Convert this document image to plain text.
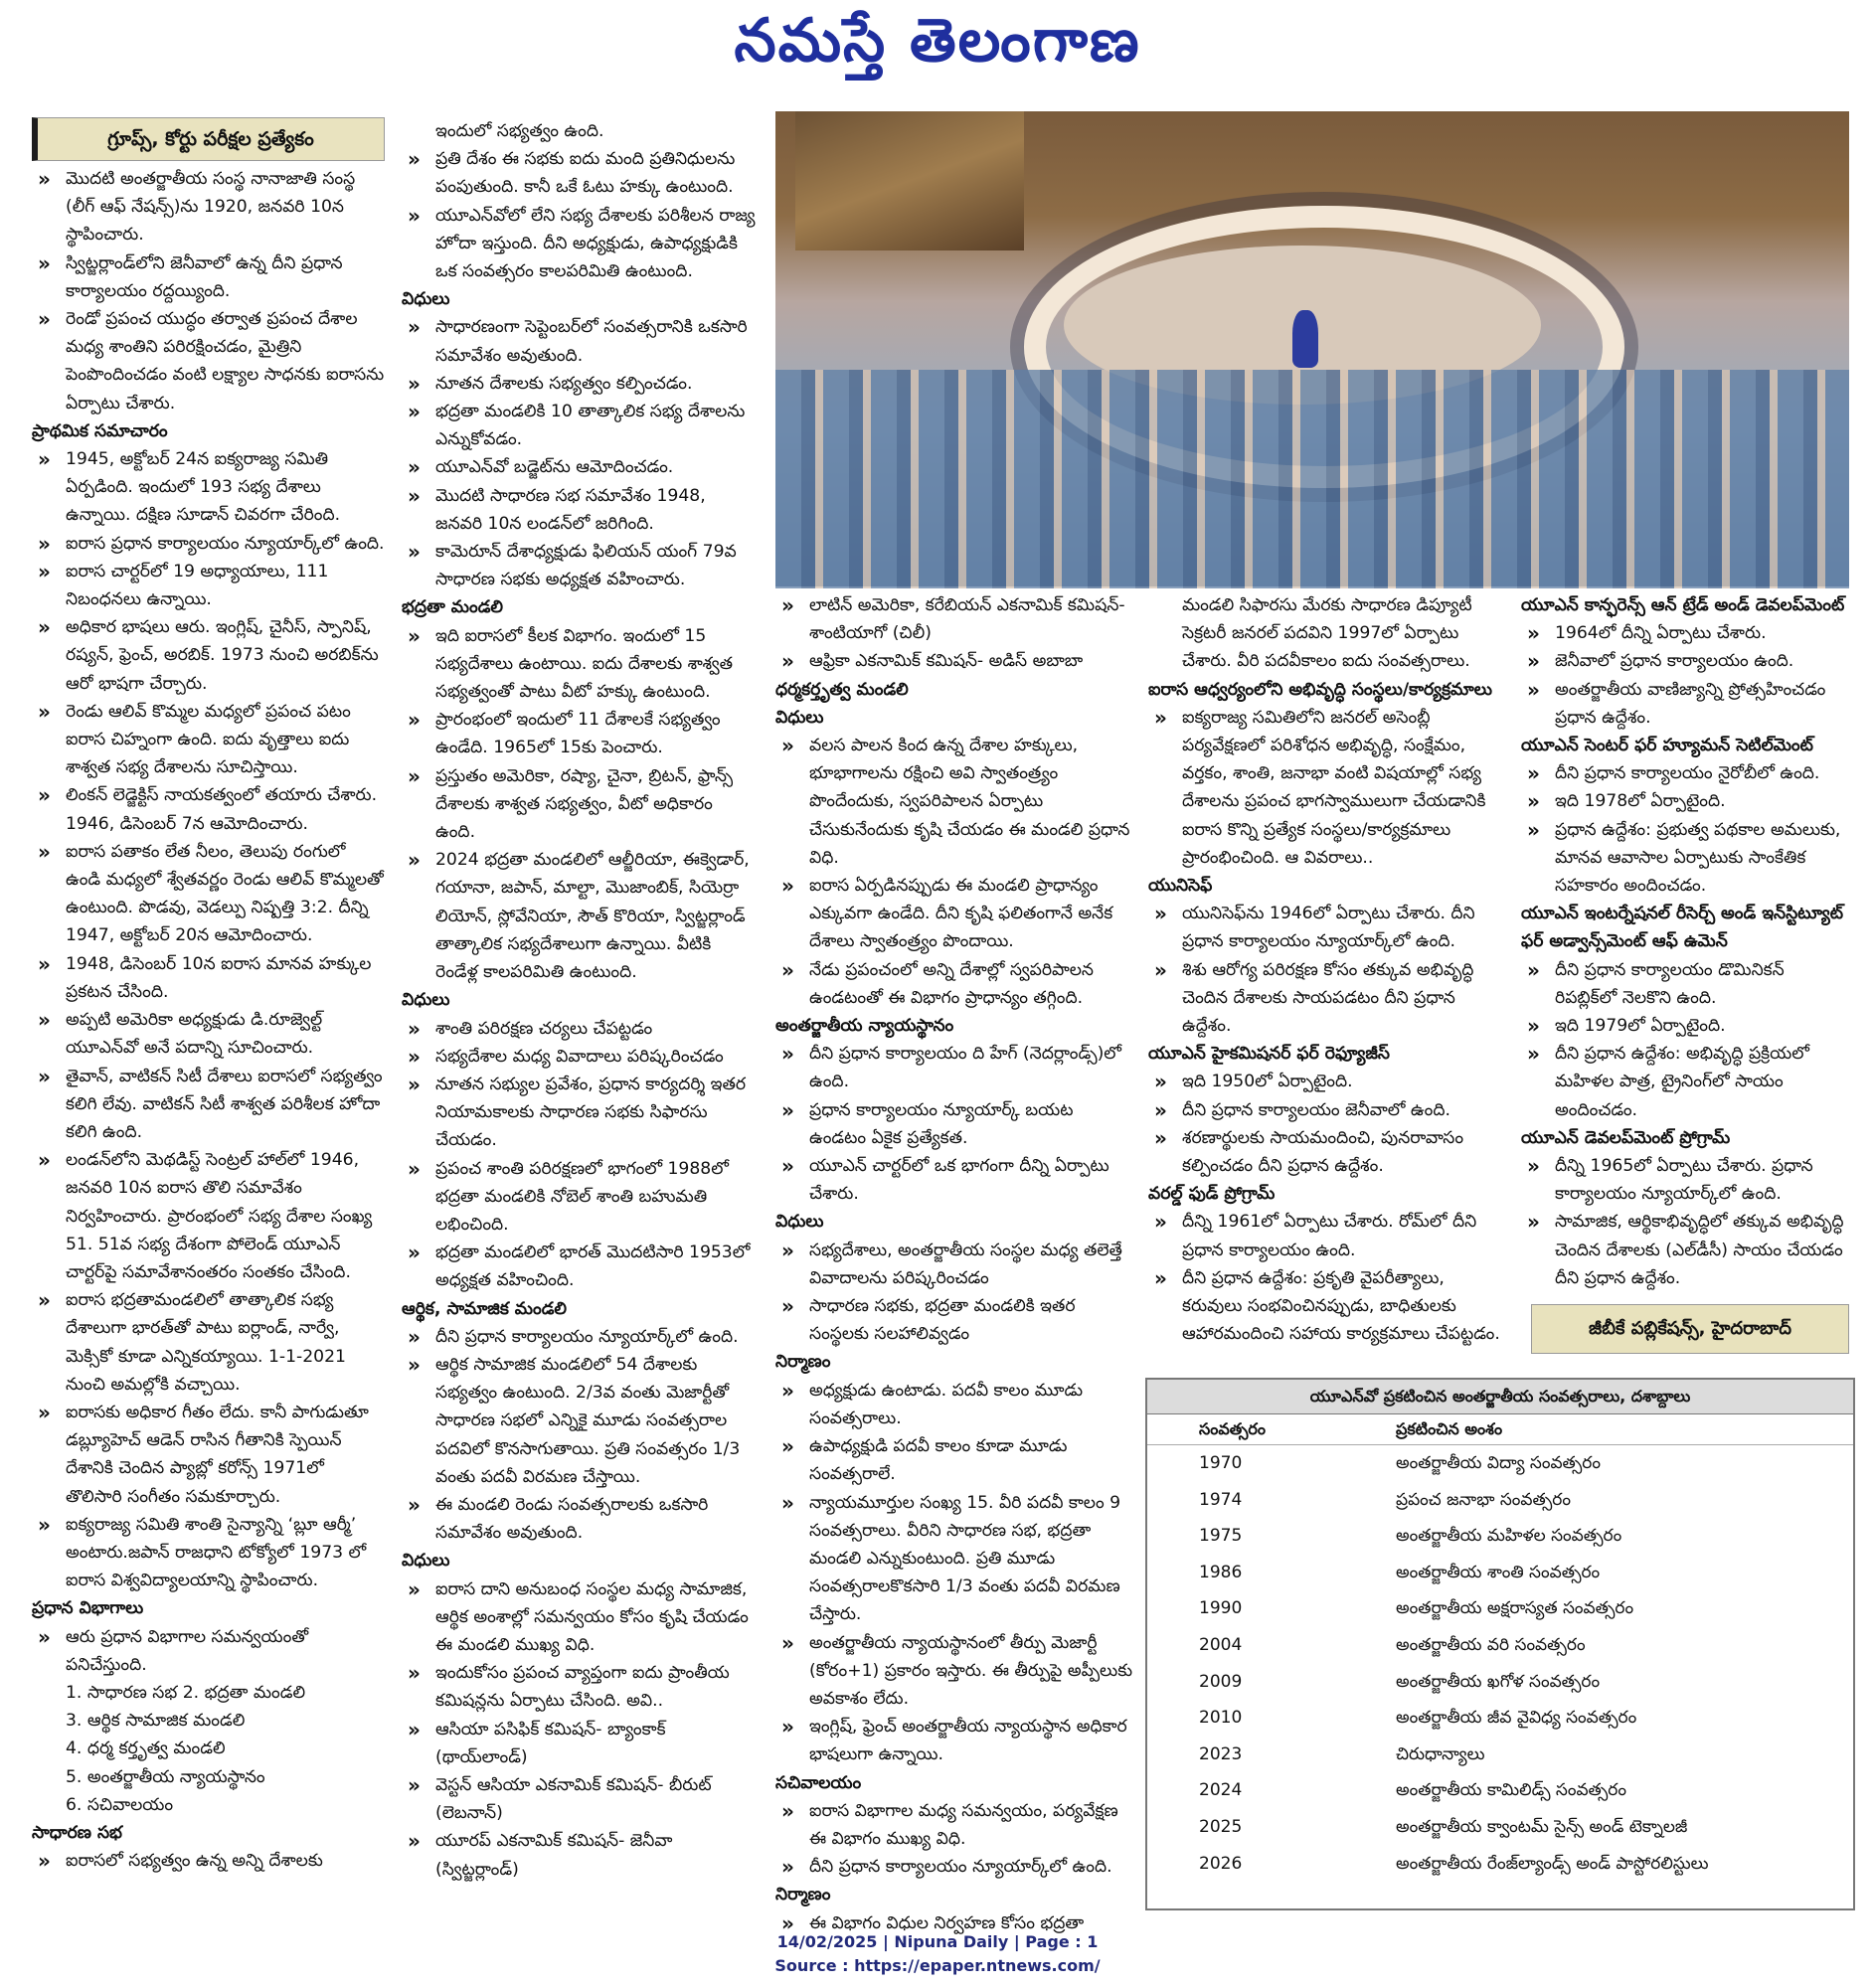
నమస్తే తెలంగాణ
గ్రూప్స్, కోర్టు పరీక్షల ప్రత్యేకం
» మొదటి అంతర్జాతీయ సంస్థ నానాజాతి సంస్థ (లీగ్ ఆఫ్ నేషన్స్)ను 1920, జనవరి 10న స్థాపించారు.
» స్విట్జర్లాండ్‌లోని జెనీవాలో ఉన్న దీని ప్రధాన కార్యాలయం రద్దయ్యింది.
» రెండో ప్రపంచ యుద్ధం తర్వాత ప్రపంచ దేశాల మధ్య శాంతిని పరిరక్షించడం, మైత్రిని పెంపొందించడం వంటి లక్ష్యాల సాధనకు ఐరాసను ఏర్పాటు చేశారు.
ప్రాథమిక సమాచారం
» 1945, అక్టోబర్ 24న ఐక్యరాజ్య సమితి ఏర్పడింది. ఇందులో 193 సభ్య దేశాలు ఉన్నాయి. దక్షిణ సూడాన్ చివరగా చేరింది.
» ఐరాస ప్రధాన కార్యాలయం న్యూయార్క్‌లో ఉంది.
» ఐరాస చార్టర్‌లో 19 అధ్యాయాలు, 111 నిబంధనలు ఉన్నాయి.
» అధికార భాషలు ఆరు. ఇంగ్లిష్, చైనీస్, స్పానిష్, రష్యన్, ఫ్రెంచ్, అరబిక్. 1973 నుంచి అరబిక్‌ను ఆరో భాషగా చేర్చారు.
» రెండు ఆలివ్ కొమ్మల మధ్యలో ప్రపంచ పటం ఐరాస చిహ్నంగా ఉంది. ఐదు వృత్తాలు ఐదు శాశ్వత సభ్య దేశాలను సూచిస్తాయి.
» లింకన్ లెడ్జెక్టిస్ నాయకత్వంలో తయారు చేశారు. 1946, డిసెంబర్ 7న ఆమోదించారు.
» ఐరాస పతాకం లేత నీలం, తెలుపు రంగులో ఉండి మధ్యలో శ్వేతవర్ణం రెండు ఆలివ్ కొమ్మలతో ఉంటుంది. పొడవు, వెడల్పు నిష్పత్తి 3:2. దీన్ని 1947, అక్టోబర్ 20న ఆమోదించారు.
» 1948, డిసెంబర్ 10న ఐరాస మానవ హక్కుల ప్రకటన చేసింది.
» అప్పటి అమెరికా అధ్యక్షుడు డి.రూజ్వెల్ట్ యూఎన్‌వో అనే పదాన్ని సూచించారు.
» తైవాన్, వాటికన్ సిటీ దేశాలు ఐరాసలో సభ్యత్వం కలిగి లేవు. వాటికన్ సిటీ శాశ్వత పరిశీలక హోదా కలిగి ఉంది.
» లండన్‌లోని మెథడిస్ట్ సెంట్రల్ హాల్‌లో 1946, జనవరి 10న ఐరాస తొలి సమావేశం నిర్వహించారు. ప్రారంభంలో సభ్య దేశాల సంఖ్య 51. 51వ సభ్య దేశంగా పోలెండ్ యూఎన్ చార్టర్‌పై సమావేశానంతరం సంతకం చేసింది.
» ఐరాస భద్రతామండలిలో తాత్కాలిక సభ్య దేశాలుగా భారత్‌తో పాటు ఐర్లాండ్, నార్వే, మెక్సికో కూడా ఎన్నికయ్యాయి. 1-1-2021 నుంచి అమల్లోకి వచ్చాయి.
» ఐరాసకు అధికార గీతం లేదు. కానీ పాగుడుతూ డబ్ల్యూహెచ్ ఆడెన్ రాసిన గీతానికి స్పెయిన్ దేశానికి చెందిన ప్యాబ్లో కరోన్స్ 1971లో తొలిసారి సంగీతం సమకూర్చారు.
» ఐక్యరాజ్య సమితి శాంతి సైన్యాన్ని ‘బ్లూ ఆర్మీ’ అంటారు.జపాన్ రాజధాని టోక్యోలో 1973 లో ఐరాస విశ్వవిద్యాలయాన్ని స్థాపించారు.
ప్రధాన విభాగాలు
» ఆరు ప్రధాన విభాగాల సమన్వయంతో పనిచేస్తుంది.
1. సాధారణ సభ 2. భద్రతా మండలి
3. ఆర్థిక సామాజిక మండలి
4. ధర్మ కర్తృత్వ మండలి
5. అంతర్జాతీయ న్యాయస్థానం
6. సచివాలయం
సాధారణ సభ
» ఐరాసలో సభ్యత్వం ఉన్న అన్ని దేశాలకు
ఇందులో సభ్యత్వం ఉంది.
» ప్రతి దేశం ఈ సభకు ఐదు మంది ప్రతినిధులను పంపుతుంది. కానీ ఒకే ఓటు హక్కు ఉంటుంది.
» యూఎన్‌వోలో లేని సభ్య దేశాలకు పరిశీలన రాజ్య హోదా ఇస్తుంది. దీని అధ్యక్షుడు, ఉపాధ్యక్షుడికి ఒక సంవత్సరం కాలపరిమితి ఉంటుంది.
విధులు
» సాధారణంగా సెప్టెంబర్‌లో సంవత్సరానికి ఒకసారి సమావేశం అవుతుంది.
» నూతన దేశాలకు సభ్యత్వం కల్పించడం.
» భద్రతా మండలికి 10 తాత్కాలిక సభ్య దేశాలను ఎన్నుకోవడం.
» యూఎన్‌వో బడ్జెట్‌ను ఆమోదించడం.
» మొదటి సాధారణ సభ సమావేశం 1948, జనవరి 10న లండన్‌లో జరిగింది.
» కామెరూన్ దేశాధ్యక్షుడు ఫిలియన్ యంగ్ 79వ సాధారణ సభకు అధ్యక్షత వహించారు.
భద్రతా మండలి
» ఇది ఐరాసలో కీలక విభాగం. ఇందులో 15 సభ్యదేశాలు ఉంటాయి. ఐదు దేశాలకు శాశ్వత సభ్యత్వంతో పాటు వీటో హక్కు ఉంటుంది.
» ప్రారంభంలో ఇందులో 11 దేశాలకే సభ్యత్వం ఉండేది. 1965లో 15కు పెంచారు.
» ప్రస్తుతం అమెరికా, రష్యా, చైనా, బ్రిటన్, ఫ్రాన్స్ దేశాలకు శాశ్వత సభ్యత్వం, వీటో అధికారం ఉంది.
» 2024 భద్రతా మండలిలో ఆల్జీరియా, ఈక్వెడార్, గయానా, జపాన్, మాల్టా, మొజాంబిక్, సియెర్రా లియోన్, స్లోవేనియా, సౌత్ కొరియా, స్విట్జర్లాండ్ తాత్కాలిక సభ్యదేశాలుగా ఉన్నాయి. వీటికి రెండేళ్ల కాలపరిమితి ఉంటుంది.
విధులు
» శాంతి పరిరక్షణ చర్యలు చేపట్టడం
» సభ్యదేశాల మధ్య వివాదాలు పరిష్కరించడం
» నూతన సభ్యుల ప్రవేశం, ప్రధాన కార్యదర్శి ఇతర నియామకాలకు సాధారణ సభకు సిఫారసు చేయడం.
» ప్రపంచ శాంతి పరిరక్షణలో భాగంలో 1988లో భద్రతా మండలికి నోబెల్ శాంతి బహుమతి లభించింది.
» భద్రతా మండలిలో భారత్ మొదటిసారి 1953లో అధ్యక్షత వహించింది.
ఆర్థిక, సామాజిక మండలి
» దీని ప్రధాన కార్యాలయం న్యూయార్క్‌లో ఉంది.
» ఆర్థిక సామాజిక మండలిలో 54 దేశాలకు సభ్యత్వం ఉంటుంది. 2/3వ వంతు మెజార్టీతో సాధారణ సభలో ఎన్నికై మూడు సంవత్సరాల పదవిలో కొనసాగుతాయి. ప్రతి సంవత్సరం 1/3 వంతు పదవీ విరమణ చేస్తాయి.
» ఈ మండలి రెండు సంవత్సరాలకు ఒకసారి సమావేశం అవుతుంది.
విధులు
» ఐరాస దాని అనుబంధ సంస్థల మధ్య సామాజిక, ఆర్థిక అంశాల్లో సమన్వయం కోసం కృషి చేయడం ఈ మండలి ముఖ్య విధి.
» ఇందుకోసం ప్రపంచ వ్యాప్తంగా ఐదు ప్రాంతీయ కమిషన్లను ఏర్పాటు చేసింది. అవి..
» ఆసియా పసిఫిక్ కమిషన్- బ్యాంకాక్ (థాయ్‌లాండ్)
» వెస్టన్ ఆసియా ఎకనామిక్ కమిషన్- బీరుట్ (లెబనాన్)
» యూరప్ ఎకనామిక్ కమిషన్- జెనీవా (స్విట్జర్లాండ్)
» లాటిన్ అమెరికా, కరేబియన్ ఎకనామిక్ కమిషన్- శాంటియాగో (చిలీ)
» ఆఫ్రికా ఎకనామిక్ కమిషన్- అడిస్ అబాబా
ధర్మకర్తృత్వ మండలి
విధులు
» వలస పాలన కింద ఉన్న దేశాల హక్కులు, భూభాగాలను రక్షించి అవి స్వాతంత్ర్యం పొందేందుకు, స్వపరిపాలన ఏర్పాటు చేసుకునేందుకు కృషి చేయడం ఈ మండలి ప్రధాన విధి.
» ఐరాస ఏర్పడినప్పుడు ఈ మండలి ప్రాధాన్యం ఎక్కువగా ఉండేది. దీని కృషి ఫలితంగానే అనేక దేశాలు స్వాతంత్ర్యం పొందాయి.
» నేడు ప్రపంచంలో అన్ని దేశాల్లో స్వపరిపాలన ఉండటంతో ఈ విభాగం ప్రాధాన్యం తగ్గింది.
అంతర్జాతీయ న్యాయస్థానం
» దీని ప్రధాన కార్యాలయం ది హేగ్ (నెదర్లాండ్స్)లో ఉంది.
» ప్రధాన కార్యాలయం న్యూయార్క్ బయట ఉండటం ఏకైక ప్రత్యేకత.
» యూఎన్ చార్టర్‌లో ఒక భాగంగా దీన్ని ఏర్పాటు చేశారు.
విధులు
» సభ్యదేశాలు, అంతర్జాతీయ సంస్థల మధ్య తలెత్తే వివాదాలను పరిష్కరించడం
» సాధారణ సభకు, భద్రతా మండలికి ఇతర సంస్థలకు సలహాలివ్వడం
నిర్మాణం
» అధ్యక్షుడు ఉంటాడు. పదవీ కాలం మూడు సంవత్సరాలు.
» ఉపాధ్యక్షుడి పదవీ కాలం కూడా మూడు సంవత్సరాలే.
» న్యాయమూర్తుల సంఖ్య 15. వీరి పదవీ కాలం 9 సంవత్సరాలు. వీరిని సాధారణ సభ, భద్రతా మండలి ఎన్నుకుంటుంది. ప్రతి మూడు సంవత్సరాలకొకసారి 1/3 వంతు పదవీ విరమణ చేస్తారు.
» అంతర్జాతీయ న్యాయస్థానంలో తీర్పు మెజార్టీ (కోరం+1) ప్రకారం ఇస్తారు. ఈ తీర్పుపై అప్పీలుకు అవకాశం లేదు.
» ఇంగ్లిష్, ఫ్రెంచ్ అంతర్జాతీయ న్యాయస్థాన అధికార భాషలుగా ఉన్నాయి.
సచివాలయం
» ఐరాస విభాగాల మధ్య సమన్వయం, పర్యవేక్షణ ఈ విభాగం ముఖ్య విధి.
» దీని ప్రధాన కార్యాలయం న్యూయార్క్‌లో ఉంది.
నిర్మాణం
» ఈ విభాగం విధుల నిర్వహణ కోసం భద్రతా
మండలి సిఫారసు మేరకు సాధారణ డిప్యూటీ సెక్రటరీ జనరల్ పదవిని 1997లో ఏర్పాటు చేశారు. వీరి పదవీకాలం ఐదు సంవత్సరాలు.
ఐరాస ఆధ్వర్యంలోని అభివృద్ధి సంస్థలు/కార్యక్రమాలు
» ఐక్యరాజ్య సమితిలోని జనరల్ అసెంబ్లీ పర్యవేక్షణలో పరిశోధన అభివృద్ధి, సంక్షేమం, వర్తకం, శాంతి, జనాభా వంటి విషయాల్లో సభ్య దేశాలను ప్రపంచ భాగస్వాములుగా చేయడానికి ఐరాస కొన్ని ప్రత్యేక సంస్థలు/కార్యక్రమాలు ప్రారంభించింది. ఆ వివరాలు..
యునిసెఫ్
» యునిసెఫ్‌ను 1946లో ఏర్పాటు చేశారు. దీని ప్రధాన కార్యాలయం న్యూయార్క్‌లో ఉంది.
» శిశు ఆరోగ్య పరిరక్షణ కోసం తక్కువ అభివృద్ధి చెందిన దేశాలకు సాయపడటం దీని ప్రధాన ఉద్దేశం.
యూఎన్ హైకమిషనర్ ఫర్ రెఫ్యూజీస్
» ఇది 1950లో ఏర్పాటైంది.
» దీని ప్రధాన కార్యాలయం జెనీవాలో ఉంది.
» శరణార్థులకు సాయమందించి, పునరావాసం కల్పించడం దీని ప్రధాన ఉద్దేశం.
వరల్డ్ ఫుడ్ ప్రోగ్రామ్
» దీన్ని 1961లో ఏర్పాటు చేశారు. రోమ్‌లో దీని ప్రధాన కార్యాలయం ఉంది.
» దీని ప్రధాన ఉద్దేశం: ప్రకృతి వైపరీత్యాలు, కరువులు సంభవించినప్పుడు, బాధితులకు ఆహారమందించి సహాయ కార్యక్రమాలు చేపట్టడం.
యూఎన్ కాన్ఫరెన్స్ ఆన్ ట్రేడ్ అండ్ డెవలప్‌మెంట్
» 1964లో దీన్ని ఏర్పాటు చేశారు.
» జెనీవాలో ప్రధాన కార్యాలయం ఉంది.
» అంతర్జాతీయ వాణిజ్యాన్ని ప్రోత్సహించడం ప్రధాన ఉద్దేశం.
యూఎన్ సెంటర్ ఫర్ హ్యూమన్ సెటిల్‌మెంట్
» దీని ప్రధాన కార్యాలయం నైరోబీలో ఉంది.
» ఇది 1978లో ఏర్పాటైంది.
» ప్రధాన ఉద్దేశం: ప్రభుత్వ పథకాల అమలుకు, మానవ ఆవాసాల ఏర్పాటుకు సాంకేతిక సహకారం అందించడం.
యూఎన్ ఇంటర్నేషనల్ రీసెర్చ్ అండ్ ఇన్‌స్టిట్యూట్ ఫర్ అడ్వాన్స్‌మెంట్ ఆఫ్ ఉమెన్
» దీని ప్రధాన కార్యాలయం డొమినికన్ రిపబ్లిక్‌లో నెలకొని ఉంది.
» ఇది 1979లో ఏర్పాటైంది.
» దీని ప్రధాన ఉద్దేశం: అభివృద్ధి ప్రక్రియలో మహిళల పాత్ర, ట్రైనింగ్‌లో సాయం అందించడం.
యూఎన్ డెవలప్‌మెంట్ ప్రోగ్రామ్
» దీన్ని 1965లో ఏర్పాటు చేశారు. ప్రధాన కార్యాలయం న్యూయార్క్‌లో ఉంది.
» సామాజిక, ఆర్థికాభివృద్ధిలో తక్కువ అభివృద్ధి చెందిన దేశాలకు (ఎల్‌డీసీ) సాయం చేయడం దీని ప్రధాన ఉద్దేశం.
జీబీకే పబ్లికేషన్స్, హైదరాబాద్
యూఎన్‌వో ప్రకటించిన అంతర్జాతీయ సంవత్సరాలు, దశాబ్దాలు
సంవత్సరం	ప్రకటించిన అంశం
1970	అంతర్జాతీయ విద్యా సంవత్సరం
1974	ప్రపంచ జనాభా సంవత్సరం
1975	అంతర్జాతీయ మహిళల సంవత్సరం
1986	అంతర్జాతీయ శాంతి సంవత్సరం
1990	అంతర్జాతీయ అక్షరాస్యత సంవత్సరం
2004	అంతర్జాతీయ వరి సంవత్సరం
2009	అంతర్జాతీయ ఖగోళ సంవత్సరం
2010	అంతర్జాతీయ జీవ వైవిధ్య సంవత్సరం
2023	చిరుధాన్యాలు
2024	అంతర్జాతీయ కామిలిడ్స్ సంవత్సరం
2025	అంతర్జాతీయ క్వాంటమ్ సైన్స్ అండ్ టెక్నాలజీ
2026	అంతర్జాతీయ రేంజ్‌ల్యాండ్స్ అండ్ పాస్టోరలిస్టులు
14/02/2025 | Nipuna Daily | Page : 1
Source : https://epaper.ntnews.com/
